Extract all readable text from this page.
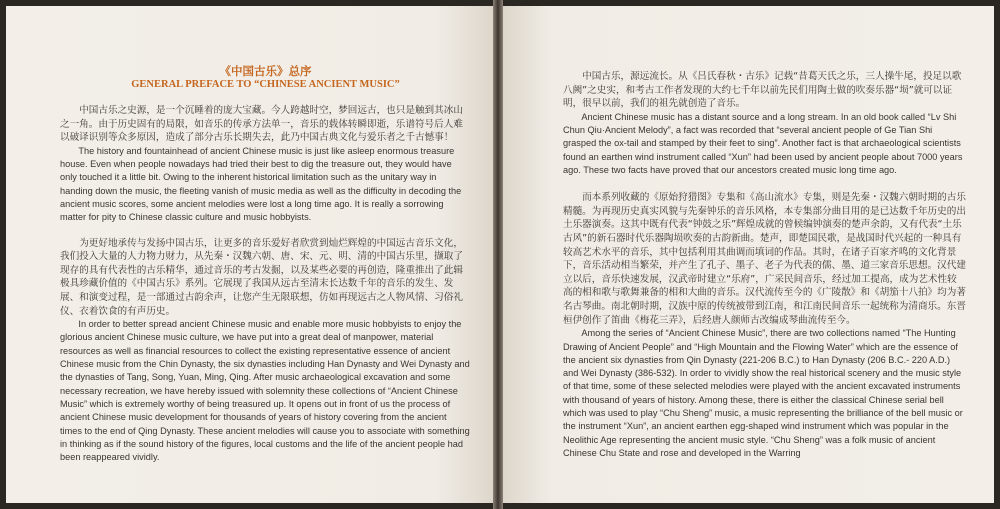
《中国古乐》总序
GENERAL PREFACE TO “CHINESE ANCIENT MUSIC”

中国古乐之史源，是一个沉睡着的庞大宝藏。今人跨越时空，梦回远古，也只是触到其冰山之一角。由于历史固有的局限，如音乐的传承方法单一，音乐的载体转瞬即逝，乐谱符号后人难以破译识别等众多原因，造成了部分古乐长期失去，此乃中国古典文化与爱乐者之千古憾事！

The history and fountainhead of ancient Chinese music is just like asleep enormous treasure house. Even when people nowadays had tried their best to dig the treasure out, they would have only touched it a little bit. Owing to the inherent historical limitation such as the unitary way in handing down the music, the fleeting vanish of music media as well as the difficulty in decoding the ancient music scores, some ancient melodies were lost a long time ago. It is really a sorrowing matter for pity to Chinese classic culture and music hobbyists.

为更好地承传与发扬中国古乐，让更多的音乐爱好者欣赏到灿烂辉煌的中国远古音乐文化，我们投入大量的人力物力财力，从先秦・汉魏六朝、唐、宋、元、明、清的中国古乐里，撷取了现存的具有代表性的古乐精华，通过音乐的考古发掘，以及某些必要的再创造，隆重推出了此辑极具珍藏价值的《中国古乐》系列。它展现了我国从远古至清末长达数千年的音乐的发生、发展、和演变过程，是一部通过古韵余声，让您产生无限联想，仿如再现远古之人物风情、习俗礼仪、衣着饮食的有声历史。

In order to better spread ancient Chinese music and enable more music hobbyists to enjoy the glorious ancient Chinese music culture, we have put into a great deal of manpower, material resources as well as financial resources to collect the existing representative essence of ancient Chinese music from the Chin Dynasty, the six dynasties including Han Dynasty and Wei Dynasty and the dynasties of Tang, Song, Yuan, Ming, Qing. After music archaeological excavation and some necessary recreation, we have hereby issued with solemnity these collections of “Ancient Chinese Music” which is extremely worthy of being treasured up. It opens out in front of us the process of ancient Chinese music development for thousands of years of history covering from the ancient times to the end of Qing Dynasty. These ancient melodies will cause you to associate with something in thinking as if the sound history of the figures, local customs and the life of the ancient people had been reappeared vividly.

中国古乐，源远流长。从《吕氏春秋・古乐》记载“昔葛天氏之乐，三人操牛尾，投足以歌八阙”之史实，和考古工作者发现的大约七千年以前先民们用陶土做的吹奏乐器“埙”就可以证明，很早以前，我们的祖先就创造了音乐。

Ancient Chinese music has a distant source and a long stream. In an old book called “Lv Shi Chun Qiu·Ancient Melody”, a fact was recorded that “several ancient people of Ge Tian Shi grasped the ox-tail and stamped by their feet to sing”. Another fact is that archaeological scientists found an earthen wind instrument called “Xun” had been used by ancient people about 7000 years ago. These two facts have proved that our ancestors created music long time ago.

而本系列收藏的《原始狩猎图》专集和《高山流水》专集，则是先秦・汉魏六朝时期的古乐精髓。为再现历史真实风貌与先秦钟乐的音乐风格，本专集部分曲目用的是已达数千年历史的出土乐器演奏。这其中既有代表“钟鼓之乐”辉煌成就的曾候编钟演奏的楚声余韵，又有代表“土乐古风”的新石器时代乐器陶埙吹奏的古韵新曲。楚声，即楚国民歌，是战国时代兴起的一种具有较高艺术水平的音乐，其中包括利用其曲调而填词的作品。其时，在诸子百家齐鸣的文化背景下，音乐活动相当繁荣，并产生了孔子、墨子、老子为代表的儒、墨、道三家音乐思想。汉代建立以后，音乐快速发展，汉武帝时建立“乐府”，广采民间音乐，经过加工提高，成为艺术性较高的相和歌与歌舞兼备的相和大曲的音乐。汉代流传至今的《广陵散》和《胡笳十八拍》均为著名古琴曲。南北朝时期，汉族中原的传统被带到江南，和江南民间音乐一起统称为清商乐。东晋桓伊创作了笛曲《梅花三弄》，后经唐人颜师古改编成琴曲流传至今。

Among the series of “Ancient Chinese Music”, there are two collections named “The Hunting Drawing of Ancient People” and “High Mountain and the Flowing Water” which are the essence of the ancient six dynasties from Qin Dynasty (221-206 B.C.) to Han Dynasty (206 B.C.- 220 A.D.) and Wei Dynasty (386-532). In order to vividly show the real historical scenery and the music style of that time, some of these selected melodies were played with the ancient excavated instruments with thousand of years of history. Among these, there is either the classical Chinese serial bell which was used to play “Chu Sheng” music, a music representing the brilliance of the bell music or the instrument “Xun”, an ancient earthen egg-shaped wind instrument which was popular in the Neolithic Age representing the ancient music style. “Chu Sheng” was a folk music of ancient Chinese Chu State and rose and developed in the Warring
